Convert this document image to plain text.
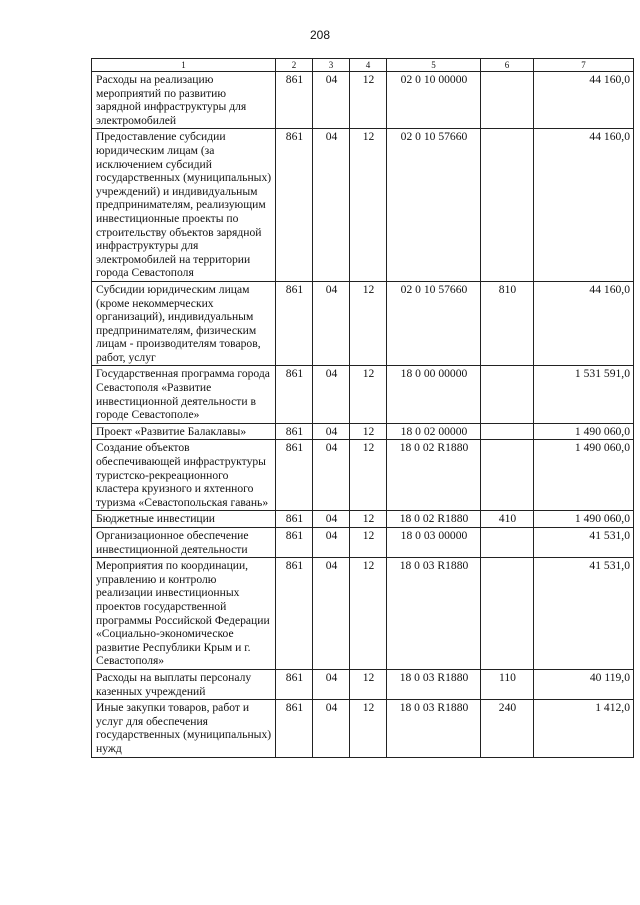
208
1	2	3	4	5	6	7
Расходы на реализацию мероприятий по развитию зарядной инфраструктуры для электромобилей	861	04	12	02 0 10 00000		44 160,0
Предоставление субсидии юридическим лицам (за исключением субсидий государственных (муниципальных) учреждений) и индивидуальным предпринимателям, реализующим инвестиционные проекты по строительству объектов зарядной инфраструктуры для электромобилей на территории города Севастополя	861	04	12	02 0 10 57660		44 160,0
Субсидии юридическим лицам (кроме некоммерческих организаций), индивидуальным предпринимателям, физическим лицам - производителям товаров, работ, услуг	861	04	12	02 0 10 57660	810	44 160,0
Государственная программа города Севастополя «Развитие инвестиционной деятельности в городе Севастополе»	861	04	12	18 0 00 00000		1 531 591,0
Проект «Развитие Балаклавы»	861	04	12	18 0 02 00000		1 490 060,0
Создание объектов обеспечивающей инфраструктуры туристско-рекреационного кластера круизного и яхтенного туризма «Севастопольская гавань»	861	04	12	18 0 02 R1880		1 490 060,0
Бюджетные инвестиции	861	04	12	18 0 02 R1880	410	1 490 060,0
Организационное обеспечение инвестиционной деятельности	861	04	12	18 0 03 00000		41 531,0
Мероприятия по координации, управлению и контролю реализации инвестиционных проектов государственной программы Российской Федерации «Социально-экономическое развитие Республики Крым и г. Севастополя»	861	04	12	18 0 03 R1880		41 531,0
Расходы на выплаты персоналу казенных учреждений	861	04	12	18 0 03 R1880	110	40 119,0
Иные закупки товаров, работ и услуг для обеспечения государственных (муниципальных) нужд	861	04	12	18 0 03 R1880	240	1 412,0
